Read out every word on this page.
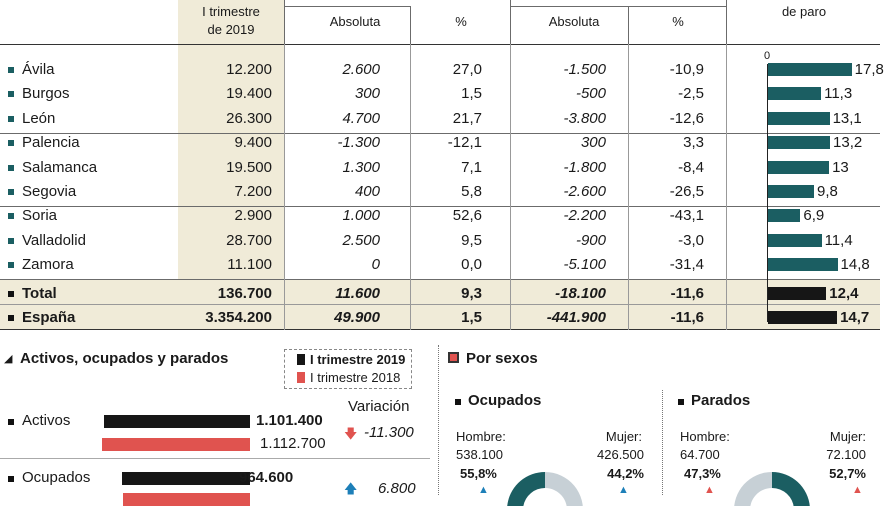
I trimestre
de 2019
Absoluta	%	Absoluta	%
de paro
0
Ávila	12.200	2.600	27,0	-1.500	-10,9	17,8
Burgos	19.400	300	1,5	-500	-2,5	11,3
León	26.300	4.700	21,7	-3.800	-12,6	13,1
Palencia	9.400	-1.300	-12,1	300	3,3	13,2
Salamanca	19.500	1.300	7,1	-1.800	-8,4	13
Segovia	7.200	400	5,8	-2.600	-26,5	9,8
Soria	2.900	1.000	52,6	-2.200	-43,1	6,9
Valladolid	28.700	2.500	9,5	-900	-3,0	11,4
Zamora	11.100	0	0,0	-5.100	-31,4	14,8
Total	136.700	11.600	9,3	-18.100	-11,6	12,4
España	3.354.200	49.900	1,5	-441.900	-11,6	14,7
◢ Activos, ocupados y parados	I trimestre 2019
I trimestre 2018
Variación
Activos	1.101.400
1.112.700
🡇 -11.300
Ocupados	964.600
🡅 6.800
Por sexos
Ocupados
Hombre:
538.100
55,8%
Mujer:
426.500
44,2%
▲	▲
Parados
Hombre:
64.700
47,3%
Mujer:
72.100
52,7%
▲	▲
